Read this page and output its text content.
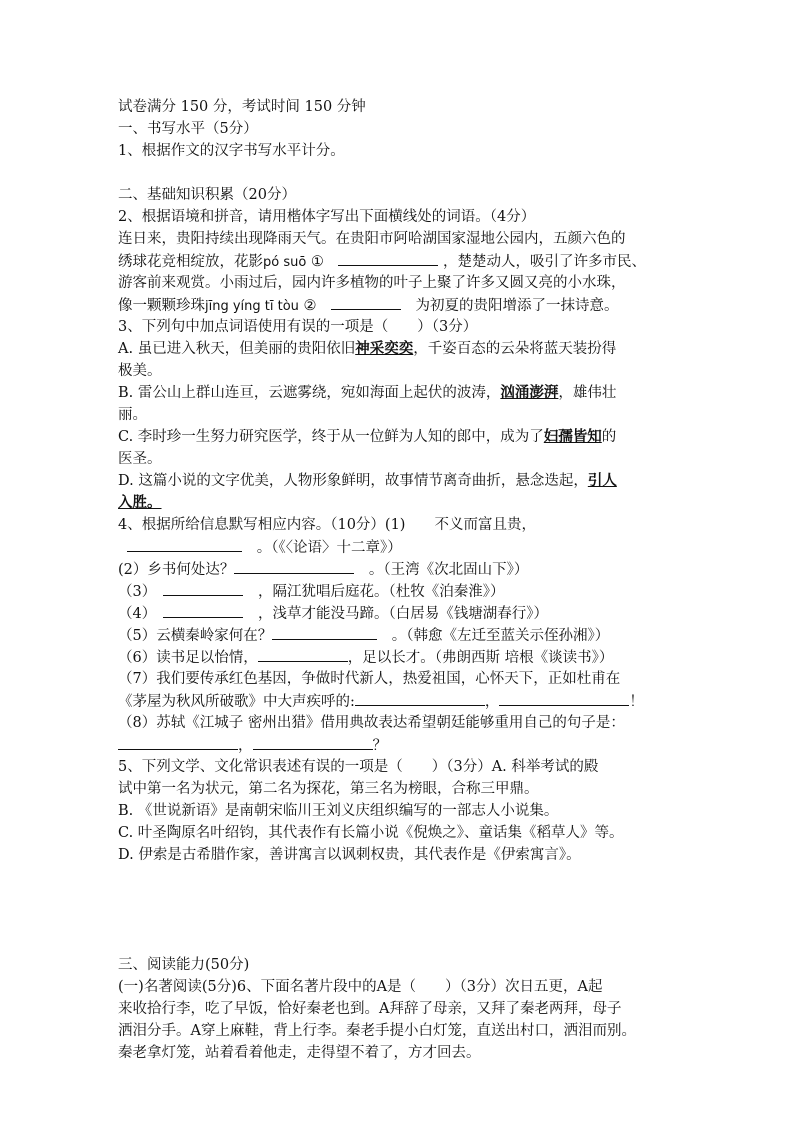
试卷满分 150 分，考试时间 150 分钟
一、书写水平（5分）
1、根据作文的汉字书写水平计分。
二、基础知识积累（20分）
2、根据语境和拼音，请用楷体字写出下面横线处的词语。（4分）
连日来，贵阳持续出现降雨天气。在贵阳市阿哈湖国家湿地公园内，五颜六色的
绣球花竞相绽放，花影pó suō ①　	，楚楚动人，吸引了许多市民、
游客前来观赏。小雨过后，园内许多植物的叶子上聚了许多又圆又亮的小水珠，
像一颗颗珍珠jīng yíng tī tòu ②　　	为初夏的贵阳增添了一抹诗意。
3、下列句中加点词语使用有误的一项是（　　）（3分）
A. 虽已进入秋天，但美丽的贵阳依旧神采奕奕，千姿百态的云朵将蓝天装扮得
极美。
B. 雷公山上群山连亘，云遮雾绕，宛如海面上起伏的波涛，汹涌澎湃，雄伟壮
丽。
C. 李时珍一生努力研究医学，终于从一位鲜为人知的郎中，成为了妇孺皆知的
医圣。
D. 这篇小说的文字优美，人物形象鲜明，故事情节离奇曲折，悬念迭起，引人
入胜。
4、根据所给信息默写相应内容。（10分）(1)　　不义而富且贵，
　。（《〈论语〉十二章》）
(2）乡书何处达？　	。（王湾《次北固山下》）
（3）　　	，隔江犹唱后庭花。（杜牧《泊秦淮》）
（4）　　	，浅草才能没马蹄。（白居易《钱塘湖春行》）
（5）云横秦岭家何在？　	。（韩愈《左迁至蓝关示侄孙湘》）
（6）读书足以怡情，	，足以长才。（弗朗西斯 培根《谈读书》）
（7）我们要传承红色基因，争做时代新人，热爱祖国，心怀天下，正如杜甫在
《茅屋为秋风所破歌》中大声疾呼的:	，	！
（8）苏轼《江城子 密州出猎》借用典故表达希望朝廷能够重用自己的句子是：
，	？
5、下列文学、文化常识表述有误的一项是（　　）（3分）A. 科举考试的殿
试中第一名为状元，第二名为探花，第三名为榜眼，合称三甲鼎。
B. 《世说新语》是南朝宋临川王刘义庆组织编写的一部志人小说集。
C. 叶圣陶原名叶绍钧，其代表作有长篇小说《倪焕之》、童话集《稻草人》等。
D. 伊索是古希腊作家，善讲寓言以讽刺权贵，其代表作是《伊索寓言》。
三、阅读能力(50分)
(一)名著阅读(5分)6、下面名著片段中的A是（　　）（3分）次日五更，A起
来收拾行李，吃了早饭，恰好秦老也到。A拜辞了母亲，又拜了秦老两拜，母子
洒泪分手。A穿上麻鞋，背上行李。秦老手提小白灯笼，直送出村口，洒泪而别。
秦老拿灯笼，站着看着他走，走得望不着了，方才回去。
